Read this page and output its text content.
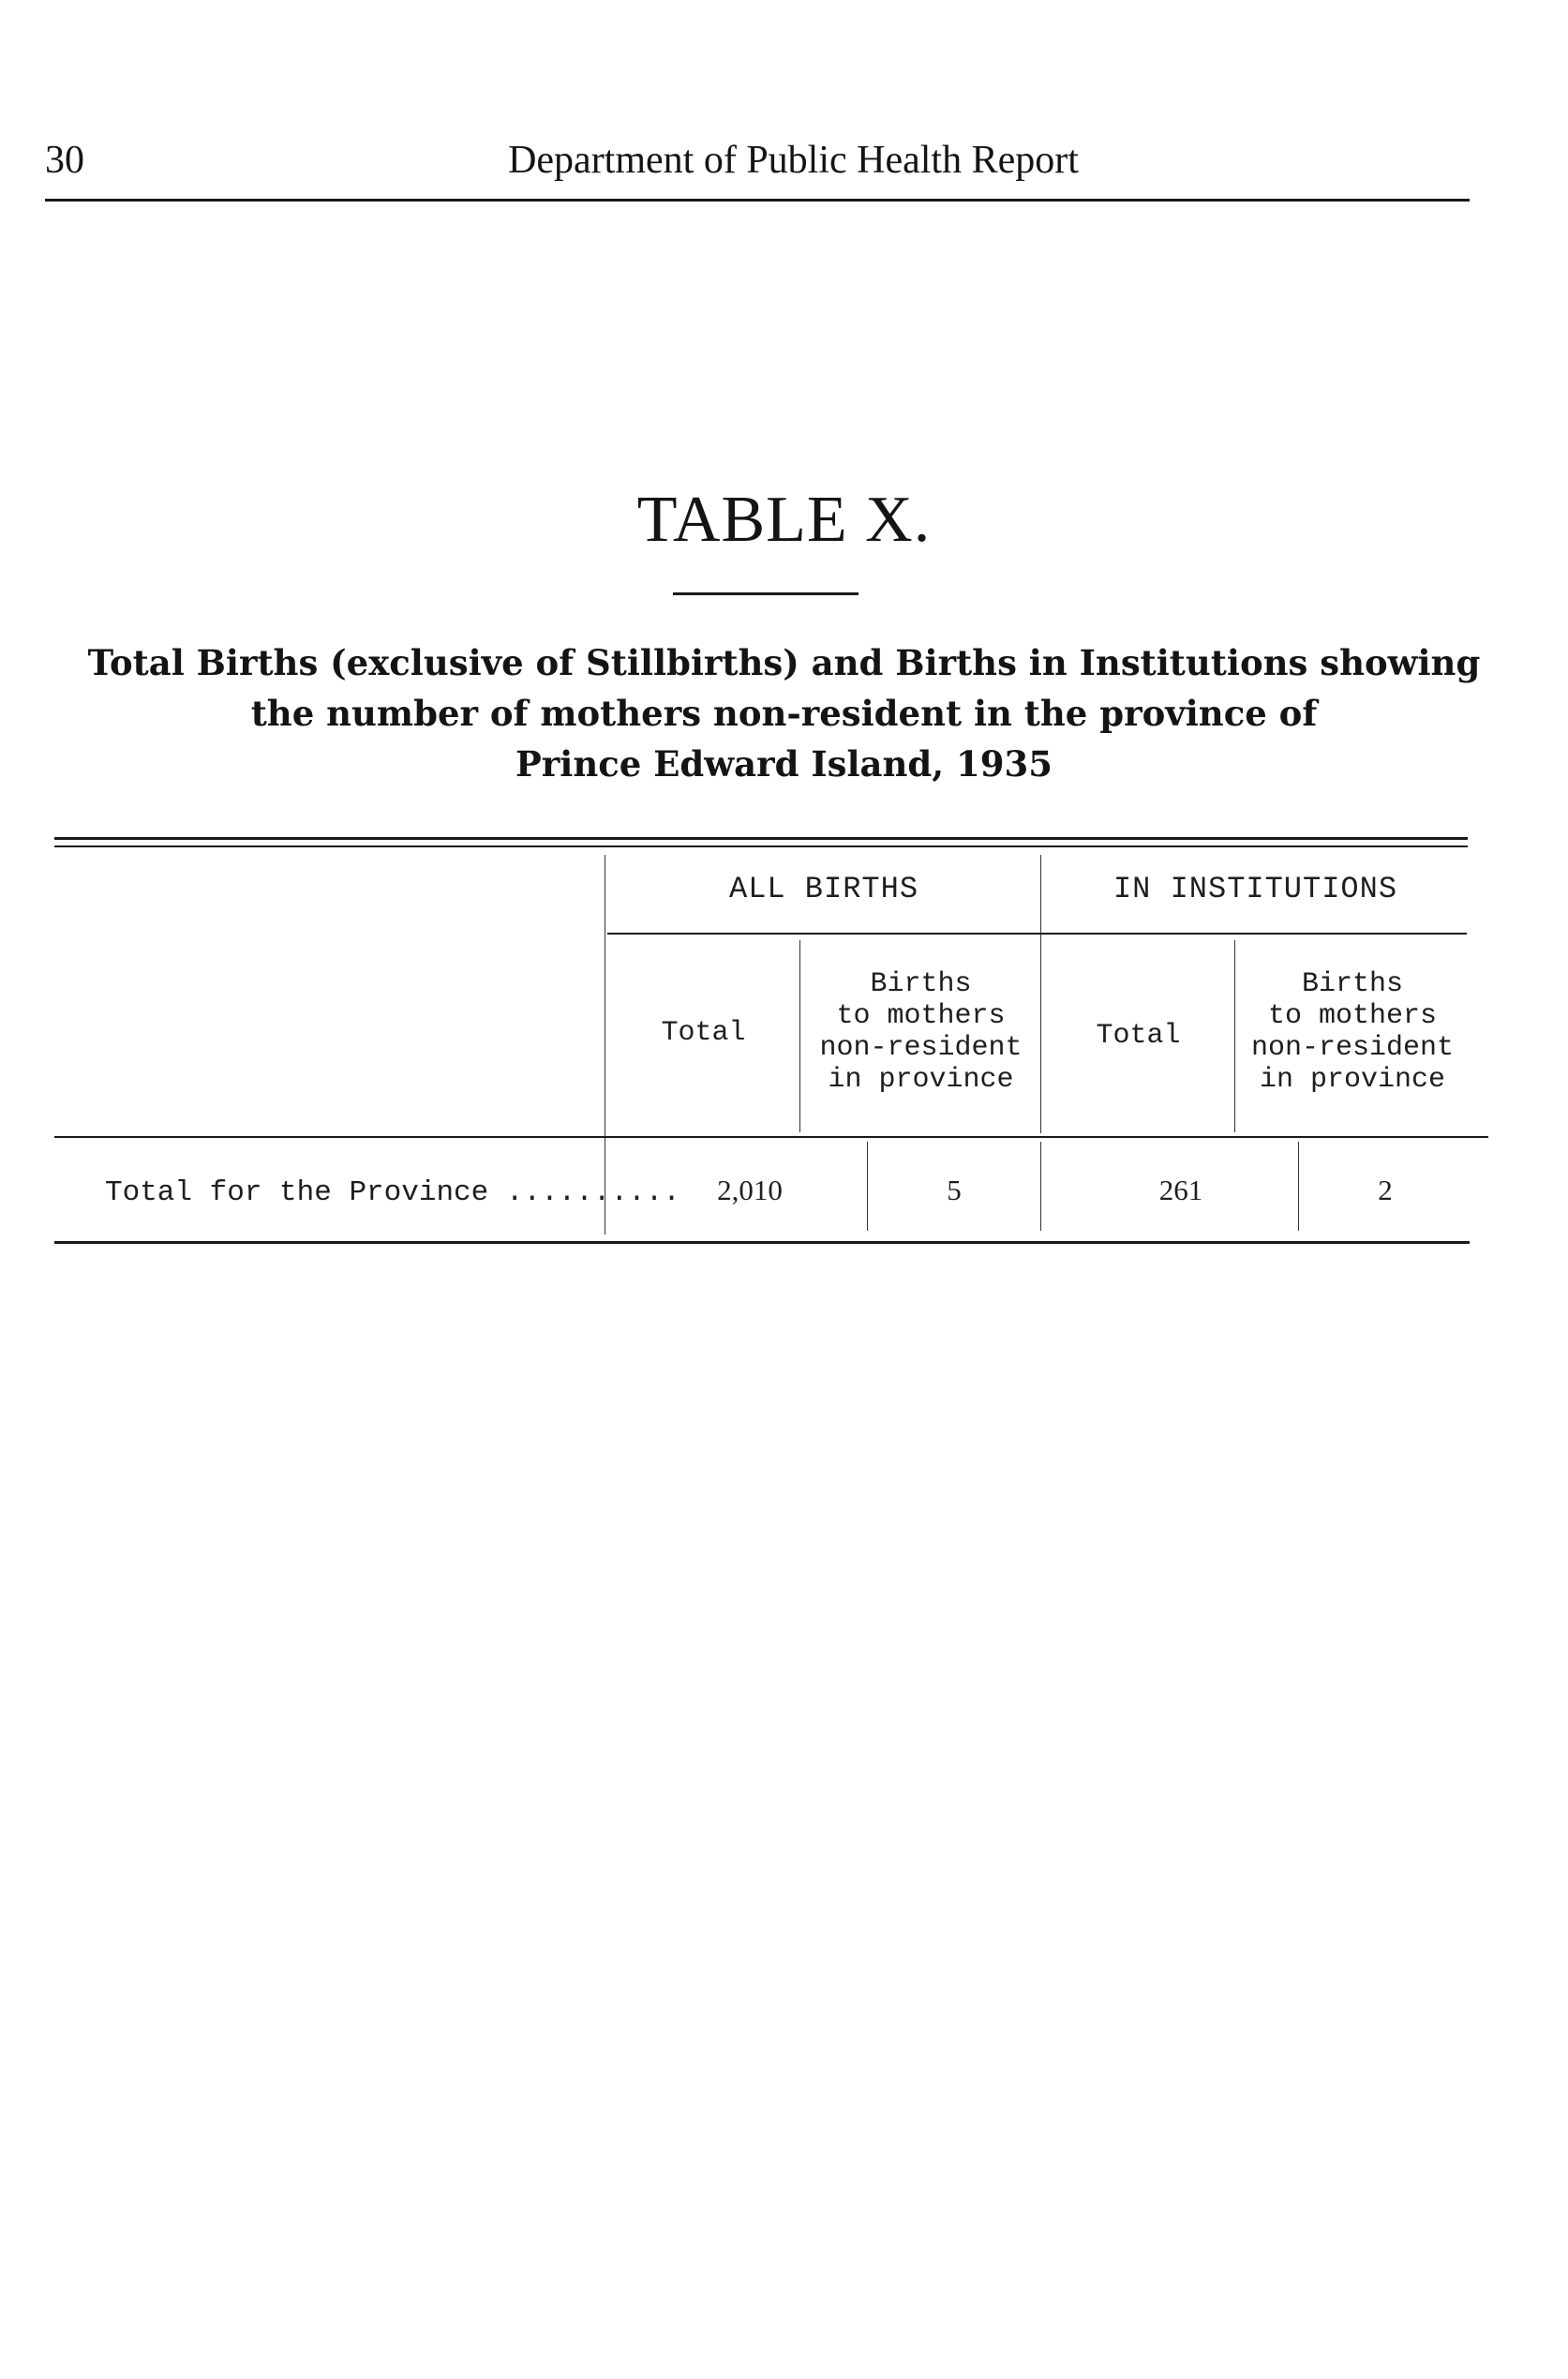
30	Department of Public Health Report
TABLE X.
Total Births (exclusive of Stillbirths) and Births in Institutions showing
the number of mothers non-resident in the province of
Prince Edward Island, 1935
ALL BIRTHS	IN INSTITUTIONS
Total
Births
to mothers
non-resident
in province
Total
Births
to mothers
non-resident
in province
Total for the Province ..........	2,010	5	261	2
